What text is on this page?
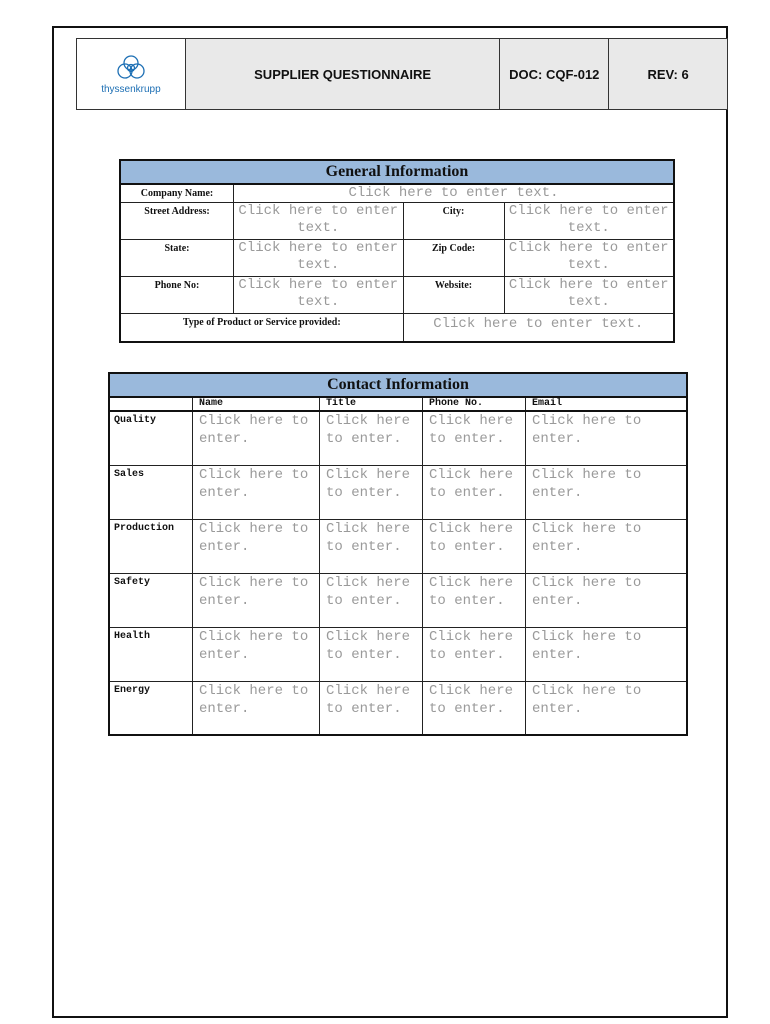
thyssenkrupp
	SUPPLIER QUESTIONNAIRE	DOC: CQF-012	REV: 6
General Information			
Company Name:	Click here to enter text.		
Street Address:	Click here to enter text.	City:	Click here to enter text.
State:	Click here to enter text.	Zip Code:	Click here to enter text.
Phone No:	Click here to enter text.	Website:	Click here to enter text.
Type of Product or Service provided:		Click here to enter text.	
Contact Information				
	Name	Title	Phone No.	Email
Quality	Click here to enter.	Click here to enter.	Click here to enter.	Click here to enter.
Sales	Click here to enter.	Click here to enter.	Click here to enter.	Click here to enter.
Production	Click here to enter.	Click here to enter.	Click here to enter.	Click here to enter.
Safety	Click here to enter.	Click here to enter.	Click here to enter.	Click here to enter.
Health	Click here to enter.	Click here to enter.	Click here to enter.	Click here to enter.
Energy	Click here to enter.	Click here to enter.	Click here to enter.	Click here to enter.
